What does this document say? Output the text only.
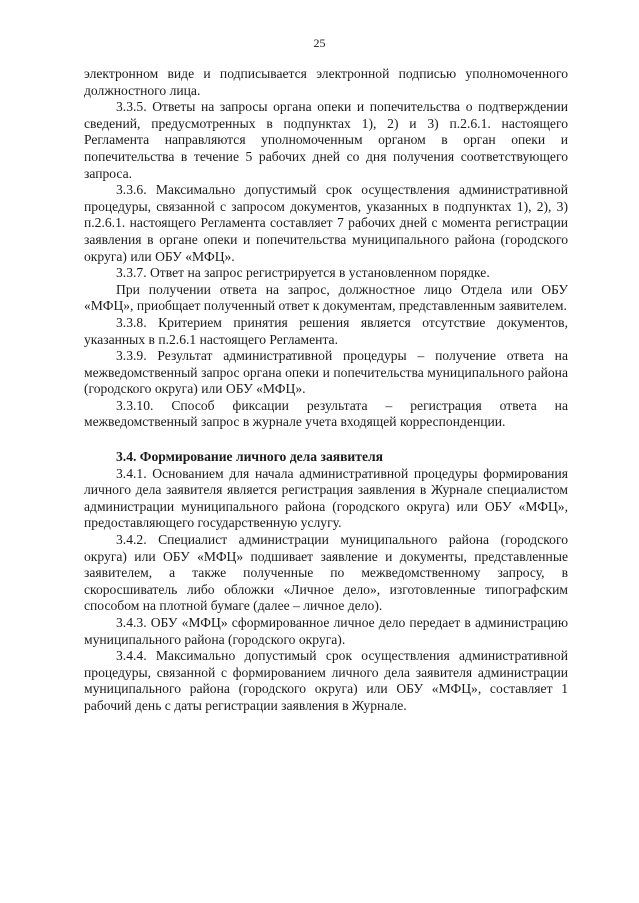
25

электронном виде и подписывается электронной подписью уполномоченного должностного лица.

3.3.5. Ответы на запросы органа опеки и попечительства о подтверждении сведений, предусмотренных в подпунктах 1), 2) и 3) п.2.6.1. настоящего Регламента направляются уполномоченным органом в орган опеки и попечительства в течение 5 рабочих дней со дня получения соответствующего запроса.

3.3.6. Максимально допустимый срок осуществления административной процедуры, связанной с запросом документов, указанных в подпунктах 1), 2), 3) п.2.6.1. настоящего Регламента составляет 7 рабочих дней с момента регистрации заявления в органе опеки и попечительства муниципального района (городского округа) или ОБУ «МФЦ».

3.3.7. Ответ на запрос регистрируется в установленном порядке.

При получении ответа на запрос, должностное лицо Отдела или ОБУ «МФЦ», приобщает полученный ответ к документам, представленным заявителем.

3.3.8. Критерием принятия решения является отсутствие документов, указанных в п.2.6.1 настоящего Регламента.

3.3.9. Результат административной процедуры – получение ответа на межведомственный запрос органа опеки и попечительства муниципального района (городского округа) или ОБУ «МФЦ».

3.3.10. Способ фиксации результата – регистрация ответа на межведомственный запрос в журнале учета входящей корреспонденции.

3.4. Формирование личного дела заявителя

3.4.1. Основанием для начала административной процедуры формирования личного дела заявителя является регистрация заявления в Журнале специалистом администрации муниципального района (городского округа) или ОБУ «МФЦ», предоставляющего государственную услугу.

3.4.2. Специалист администрации муниципального района (городского округа) или ОБУ «МФЦ» подшивает заявление и документы, представленные заявителем, а также полученные по межведомственному запросу, в скоросшиватель либо обложки «Личное дело», изготовленные типографским способом на плотной бумаге (далее – личное дело).

3.4.3. ОБУ «МФЦ» сформированное личное дело передает в администрацию муниципального района (городского округа).

3.4.4. Максимально допустимый срок осуществления административной процедуры, связанной с формированием личного дела заявителя администрации муниципального района (городского округа) или ОБУ «МФЦ», составляет 1 рабочий день с даты регистрации заявления в Журнале.
